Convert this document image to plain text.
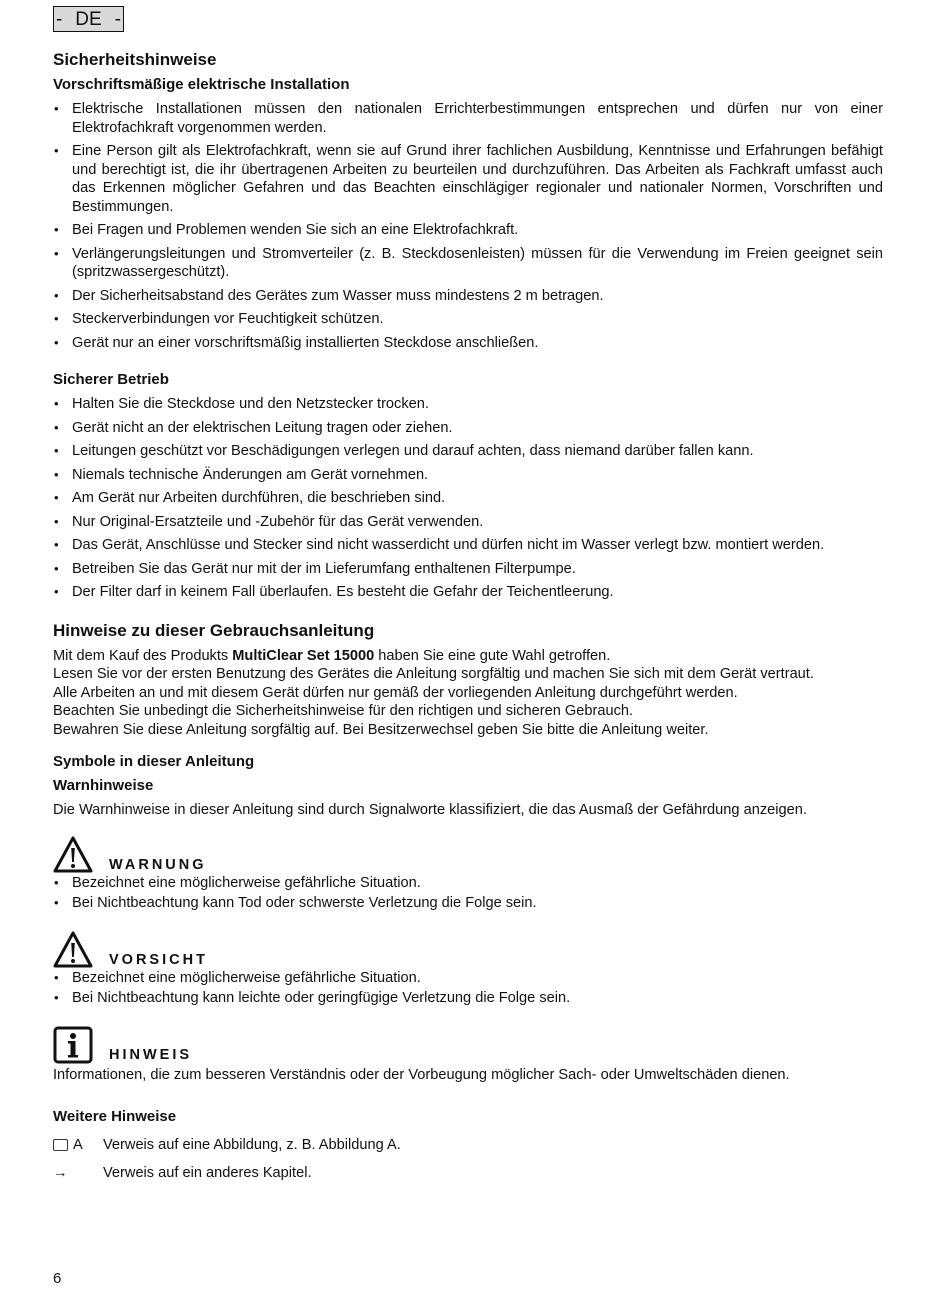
- DE -
Sicherheitshinweise
Vorschriftsmäßige elektrische Installation
• Elektrische Installationen müssen den nationalen Errichterbestimmungen entsprechen und dürfen nur von einer Elektrofachkraft vorgenommen werden.
• Eine Person gilt als Elektrofachkraft, wenn sie auf Grund ihrer fachlichen Ausbildung, Kenntnisse und Erfahrungen befähigt und berechtigt ist, die ihr übertragenen Arbeiten zu beurteilen und durchzuführen. Das Arbeiten als Fachkraft umfasst auch das Erkennen möglicher Gefahren und das Beachten einschlägiger regionaler und nationaler Normen, Vorschriften und Bestimmungen.
• Bei Fragen und Problemen wenden Sie sich an eine Elektrofachkraft.
• Verlängerungsleitungen und Stromverteiler (z. B. Steckdosenleisten) müssen für die Verwendung im Freien geeignet sein (spritzwassergeschützt).
• Der Sicherheitsabstand des Gerätes zum Wasser muss mindestens 2 m betragen.
• Steckerverbindungen vor Feuchtigkeit schützen.
• Gerät nur an einer vorschriftsmäßig installierten Steckdose anschließen.
Sicherer Betrieb
• Halten Sie die Steckdose und den Netzstecker trocken.
• Gerät nicht an der elektrischen Leitung tragen oder ziehen.
• Leitungen geschützt vor Beschädigungen verlegen und darauf achten, dass niemand darüber fallen kann.
• Niemals technische Änderungen am Gerät vornehmen.
• Am Gerät nur Arbeiten durchführen, die beschrieben sind.
• Nur Original-Ersatzteile und -Zubehör für das Gerät verwenden.
• Das Gerät, Anschlüsse und Stecker sind nicht wasserdicht und dürfen nicht im Wasser verlegt bzw. montiert werden.
• Betreiben Sie das Gerät nur mit der im Lieferumfang enthaltenen Filterpumpe.
• Der Filter darf in keinem Fall überlaufen. Es besteht die Gefahr der Teichentleerung.
Hinweise zu dieser Gebrauchsanleitung

Mit dem Kauf des Produkts MultiClear Set 15000 haben Sie eine gute Wahl getroffen.

Lesen Sie vor der ersten Benutzung des Gerätes die Anleitung sorgfältig und machen Sie sich mit dem Gerät vertraut.

Alle Arbeiten an und mit diesem Gerät dürfen nur gemäß der vorliegenden Anleitung durchgeführt werden.

Beachten Sie unbedingt die Sicherheitshinweise für den richtigen und sicheren Gebrauch.

Bewahren Sie diese Anleitung sorgfältig auf. Bei Besitzerwechsel geben Sie bitte die Anleitung weiter.

Symbole in dieser Anleitung
Warnhinweise

Die Warnhinweise in dieser Anleitung sind durch Signalworte klassifiziert, die das Ausmaß der Gefährdung anzeigen.

WARNUNG
• Bezeichnet eine möglicherweise gefährliche Situation.
• Bei Nichtbeachtung kann Tod oder schwerste Verletzung die Folge sein.
VORSICHT
• Bezeichnet eine möglicherweise gefährliche Situation.
• Bei Nichtbeachtung kann leichte oder geringfügige Verletzung die Folge sein.
HINWEIS

Informationen, die zum besseren Verständnis oder der Vorbeugung möglicher Sach- oder Umweltschäden dienen.

Weitere Hinweise
A Verweis auf eine Abbildung, z. B. Abbildung A.
→ Verweis auf ein anderes Kapitel.
6
